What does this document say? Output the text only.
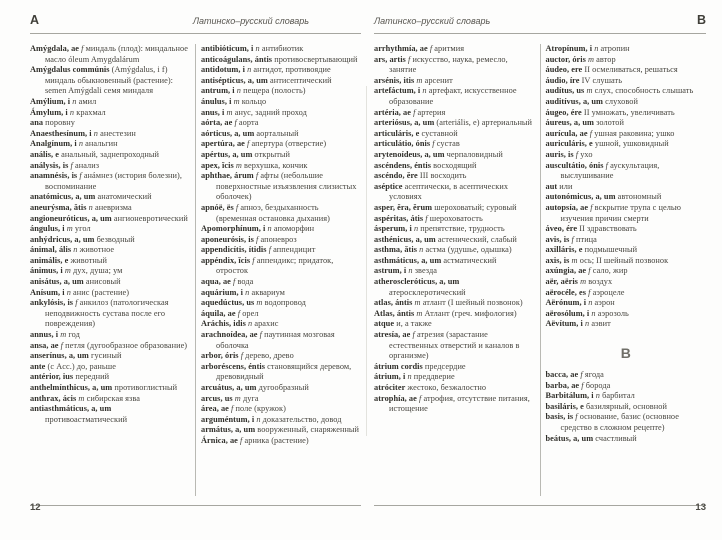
A	Латинско–русский словарь
Amýgdala, ae f миндаль (плод): миндальное масло óleum Amygdalárum
Amýgdalus commúnis (Amýgdalus, i f) миндаль обыкновенный (растение): semen Amýgdali семя миндаля
Amýlium, i n амил
Ámylum, i n крахмал
ana поровну
Anaesthesínum, i n анестезин
Analgínum, i n анальгин
anális, e анальный, заднепроходный
análysis, is f анализ
anamnésis, is f анáмнез (история болезни), воспоминание
anatómicus, a, um анатомический
aneurýsma, ătis n аневризма
angioneuróticus, a, um ангионевротический
ángulus, i m угол
anhýdricus, a, um безводный
ánimal, ális n животное
animális, e животный
ánimus, i m дух, душа; ум
anisátus, a, um анисовый
Anísum, i n анис (растение)
ankylósis, is f анкилоз (патологическая неподвижность сустава после его повреждения)
annus, i m год
ansa, ae f петля (дугообразное образование)
anserínus, a, um гусиный
ante (с Acc.) до, раньше
antérior, ius передний
anthelmínthicus, a, um противоглистный
anthrax, ácis m сибирская язва
antiasthmáticus, a, um противоастматический
antibióticum, i n антибиотик
anticoágulans, ántis противосвертывающий
antidotum, i n антидот, противоядие
antisépticus, a, um антисептический
antrum, i n пещера (полость)
ánulus, i m кольцо
anus, i m анус, задний проход
aórta, ae f аорта
aórticus, a, um аортальный
apertúra, ae f апертура (отверстие)
apértus, a, um открытый
apex, ĭcis m верхушка, кончик
aphthae, árum f афты (небольшие поверхностные изъязвления слизистых оболочек)
apnóë, ës f апноэ, бездыханность (временная остановка дыхания)
Apomorphínum, i n апоморфин
aponeurósis, is f апоневроз
appendicítis, ítidis f аппендицит
appéndix, ĭcis f аппендикс; придаток, отросток
aqua, ae f вода
aquárium, i n аквариум
aquedúctus, us m водопровод
áquila, ae f орел
Aráchis, idis n арахис
arachnoídea, ae f паутинная мозговая оболочка
arbor, óris f дерево, древо
arboréscens, éntis становящийся деревом, древовидный
arcuátus, a, um дугообразный
arcus, us m дуга
área, ae f поле (кружок)
arguméntum, i n доказательство, довод
armátus, a, um вооруженный, снаряженный
Árnica, ae f арника (растение)
12
Латинско–русский словарь	B
arrhythmía, ae f аритмия
ars, artis f искусство, наука, ремесло, занятие
arsénis, itis m арсенит
artefáctum, i n артефакт, искусственное образование
artéria, ae f артерия
arteriósus, a, um (arteriális, e) артериальный
articuláris, e суставной
articulátio, ónis f сустав
arytenoídeus, a, um черпаловидный
ascéndens, éntis восходящий
ascéndo, ĕre III восходить
aséptice асептически, в асептических условиях
asper, ĕra, ĕrum шероховатый; суровый
aspéritas, átis f шероховатость
ásperum, i n препятствие, трудность
asthénicus, a, um астенический, слабый
asthma, ătis n астма (удушье, одышка)
asthmáticus, a, um астматический
astrum, i n звезда
atheroscleróticus, a, um атеросклеротический
atlas, ántis m атлант (I шейный позвонок)
Atlas, ántis m Атлант (греч. мифология)
atque и, а также
atresía, ae f атрезия (зарастание естественных отверстий и каналов в организме)
átrium cordis предсердие
átrium, i n преддверие
atróciter жестоко, безжалостно
atrophía, ae f атрофия, отсутствие питания, истощение
Atropínum, i n атропин
auctor, óris m автор
áudeo, ere II осмеливаться, решаться
áudio, íre IV слушать
audítus, us m слух, способность слышать
auditívus, a, um слуховой
áugeo, ére II умножать, увеличивать
áureus, a, um золотой
aurícula, ae f ушная раковина; ушко
auriculáris, e ушной, ушковидный
auris, is f ухо
auscultátio, ónis f аускультация, выслушивание
aut или
autonómicus, a, um автономный
autopsía, ae f вскрытие трупа с целью изучения причин смерти
áveo, ére II здравствовать
avis, is f птица
axilláris, e подмышечный
axis, is m ось; II шейный позвонок
axúngia, ae f сало, жир
aër, aëris m воздух
aërocéle, es f аэроцеле
Aërónum, i n аэрон
aërosólum, i n аэрозоль
Aëvítum, i n аэвит
B
bacca, ae f ягода
barba, ae f борода
Barbitálum, i n барбитал
basiláris, e базилярный, основной
basis, is f основание, базис (основное средство в сложном рецепте)
beátus, a, um счастливый
13
